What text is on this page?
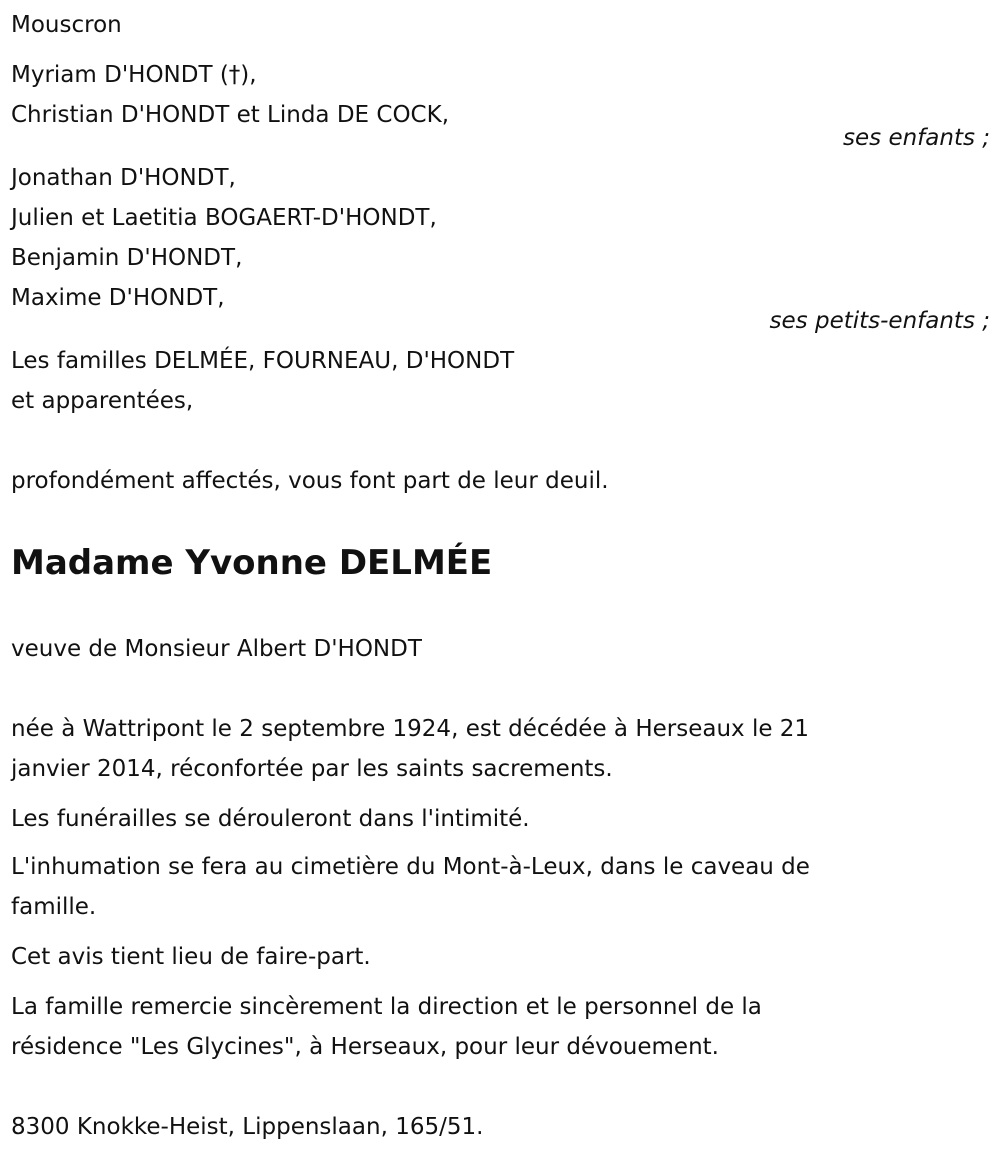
Mouscron
Myriam D'HONDT (†),
Christian D'HONDT et Linda DE COCK,
ses enfants ;
Jonathan D'HONDT,
Julien et Laetitia BOGAERT-D'HONDT,
Benjamin D'HONDT,
Maxime D'HONDT,
ses petits-enfants ;
Les familles DELMÉE, FOURNEAU, D'HONDT
et apparentées,
profondément affectés, vous font part de leur deuil.
Madame Yvonne DELMÉE
veuve de Monsieur Albert D'HONDT
née à Wattripont le 2 septembre 1924, est décédée à Herseaux le 21
janvier 2014, réconfortée par les saints sacrements.
Les funérailles se dérouleront dans l'intimité.
L'inhumation se fera au cimetière du Mont-à-Leux, dans le caveau de
famille.
Cet avis tient lieu de faire-part.
La famille remercie sincèrement la direction et le personnel de la
résidence "Les Glycines", à Herseaux, pour leur dévouement.
8300 Knokke-Heist, Lippenslaan, 165/51.
